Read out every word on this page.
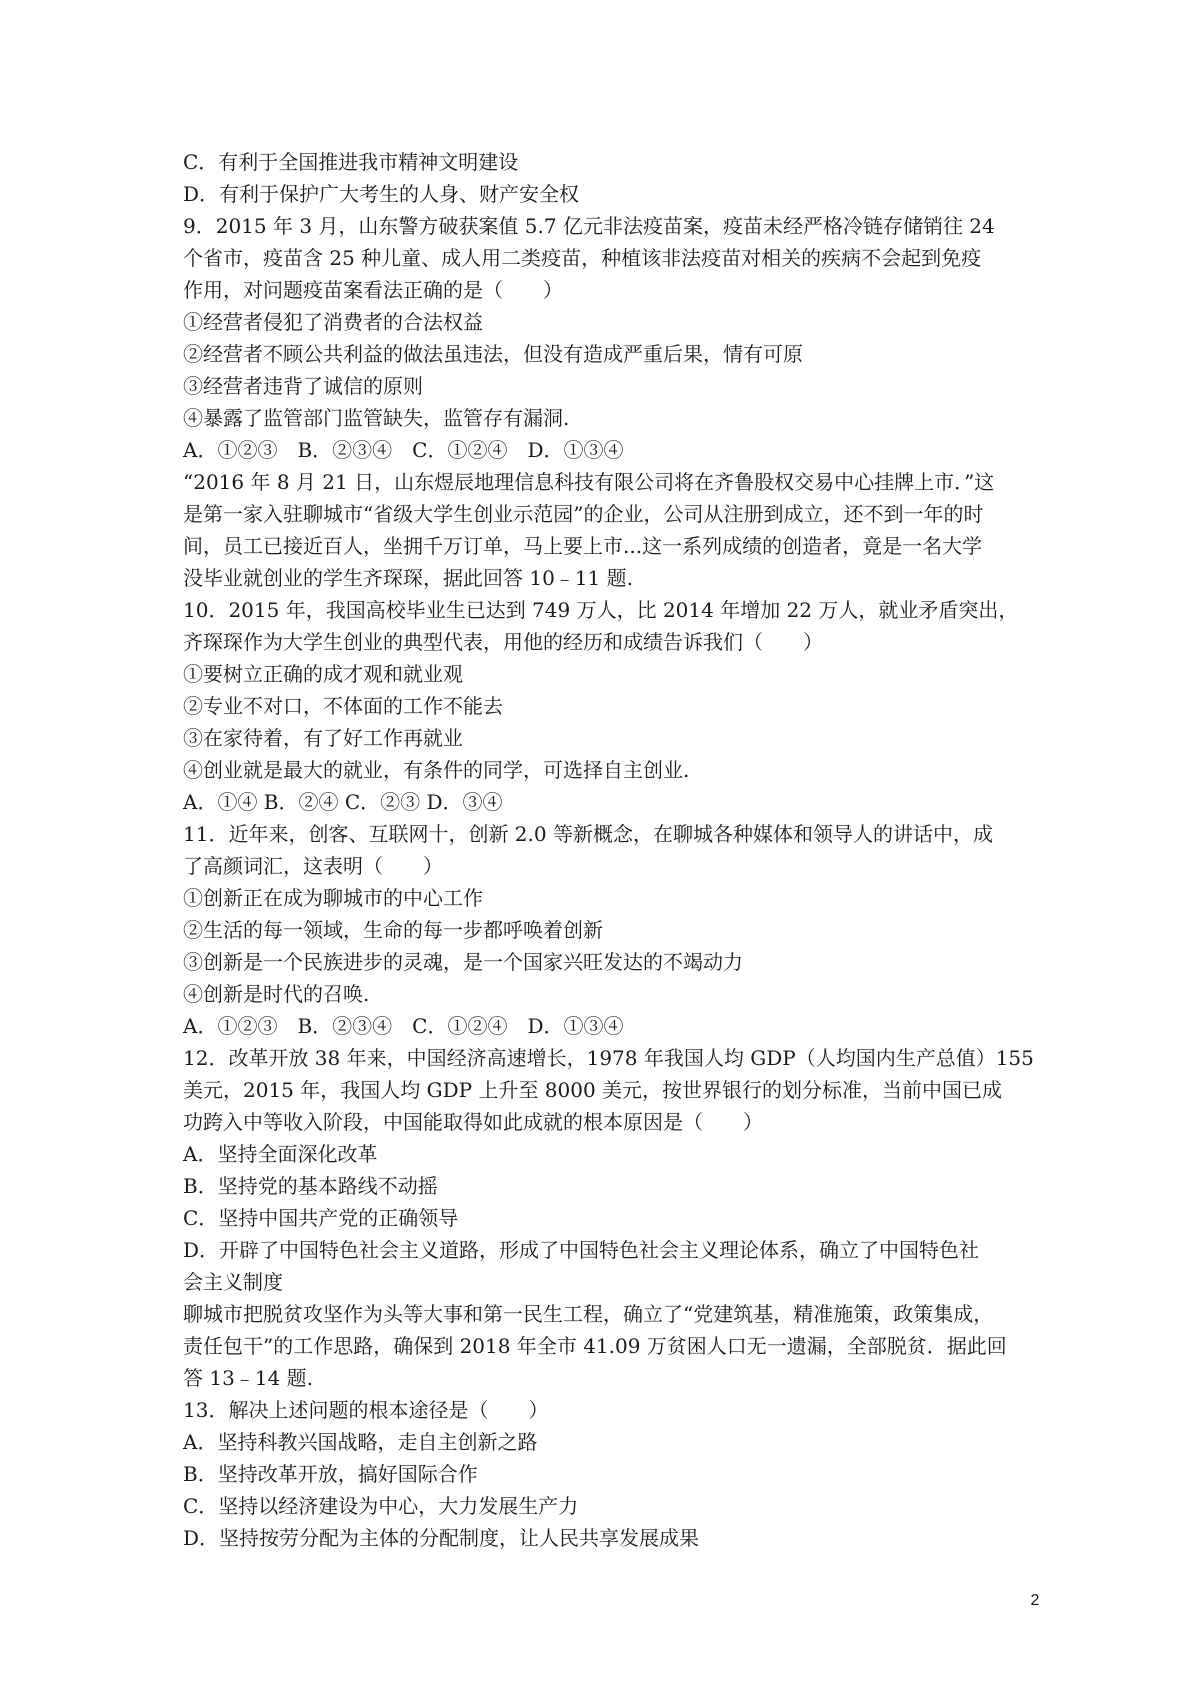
C．有利于全国推进我市精神文明建设
D．有利于保护广大考生的人身、财产安全权
9．2015 年 3 月，山东警方破获案值 5.7 亿元非法疫苗案，疫苗未经严格冷链存储销往 24
个省市，疫苗含 25 种儿童、成人用二类疫苗，种植该非法疫苗对相关的疾病不会起到免疫
作用，对问题疫苗案看法正确的是（　　）
①经营者侵犯了消费者的合法权益
②经营者不顾公共利益的做法虽违法，但没有造成严重后果，情有可原
③经营者违背了诚信的原则
④暴露了监管部门监管缺失，监管存有漏洞.
A．①②③　B．②③④　C．①②④　D．①③④
“2016 年 8 月 21 日，山东煜辰地理信息科技有限公司将在齐鲁股权交易中心挂牌上市．”这
是第一家入驻聊城市“省级大学生创业示范园”的企业，公司从注册到成立，还不到一年的时
间，员工已接近百人，坐拥千万订单，马上要上市...这一系列成绩的创造者，竟是一名大学
没毕业就创业的学生齐琛琛，据此回答 10﹣11 题.
10．2015 年，我国高校毕业生已达到 749 万人，比 2014 年增加 22 万人，就业矛盾突出，
齐琛琛作为大学生创业的典型代表，用他的经历和成绩告诉我们（　　）
①要树立正确的成才观和就业观
②专业不对口，不体面的工作不能去
③在家待着，有了好工作再就业
④创业就是最大的就业，有条件的同学，可选择自主创业.
A．①④ B．②④ C．②③ D．③④
11．近年来，创客、互联网十，创新 2.0 等新概念，在聊城各种媒体和领导人的讲话中，成
了高颜词汇，这表明（　　）
①创新正在成为聊城市的中心工作
②生活的每一领域，生命的每一步都呼唤着创新
③创新是一个民族进步的灵魂，是一个国家兴旺发达的不竭动力
④创新是时代的召唤.
A．①②③　B．②③④　C．①②④　D．①③④
12．改革开放 38 年来，中国经济高速增长，1978 年我国人均 GDP（人均国内生产总值）155
美元，2015 年，我国人均 GDP 上升至 8000 美元，按世界银行的划分标准，当前中国已成
功跨入中等收入阶段，中国能取得如此成就的根本原因是（　　）
A．坚持全面深化改革
B．坚持党的基本路线不动摇
C．坚持中国共产党的正确领导
D．开辟了中国特色社会主义道路，形成了中国特色社会主义理论体系，确立了中国特色社
会主义制度
聊城市把脱贫攻坚作为头等大事和第一民生工程，确立了“党建筑基，精准施策，政策集成，
责任包干”的工作思路，确保到 2018 年全市 41.09 万贫困人口无一遗漏，全部脱贫．据此回
答 13﹣14 题.
13．解决上述问题的根本途径是（　　）
A．坚持科教兴国战略，走自主创新之路
B．坚持改革开放，搞好国际合作
C．坚持以经济建设为中心，大力发展生产力
D．坚持按劳分配为主体的分配制度，让人民共享发展成果
2
